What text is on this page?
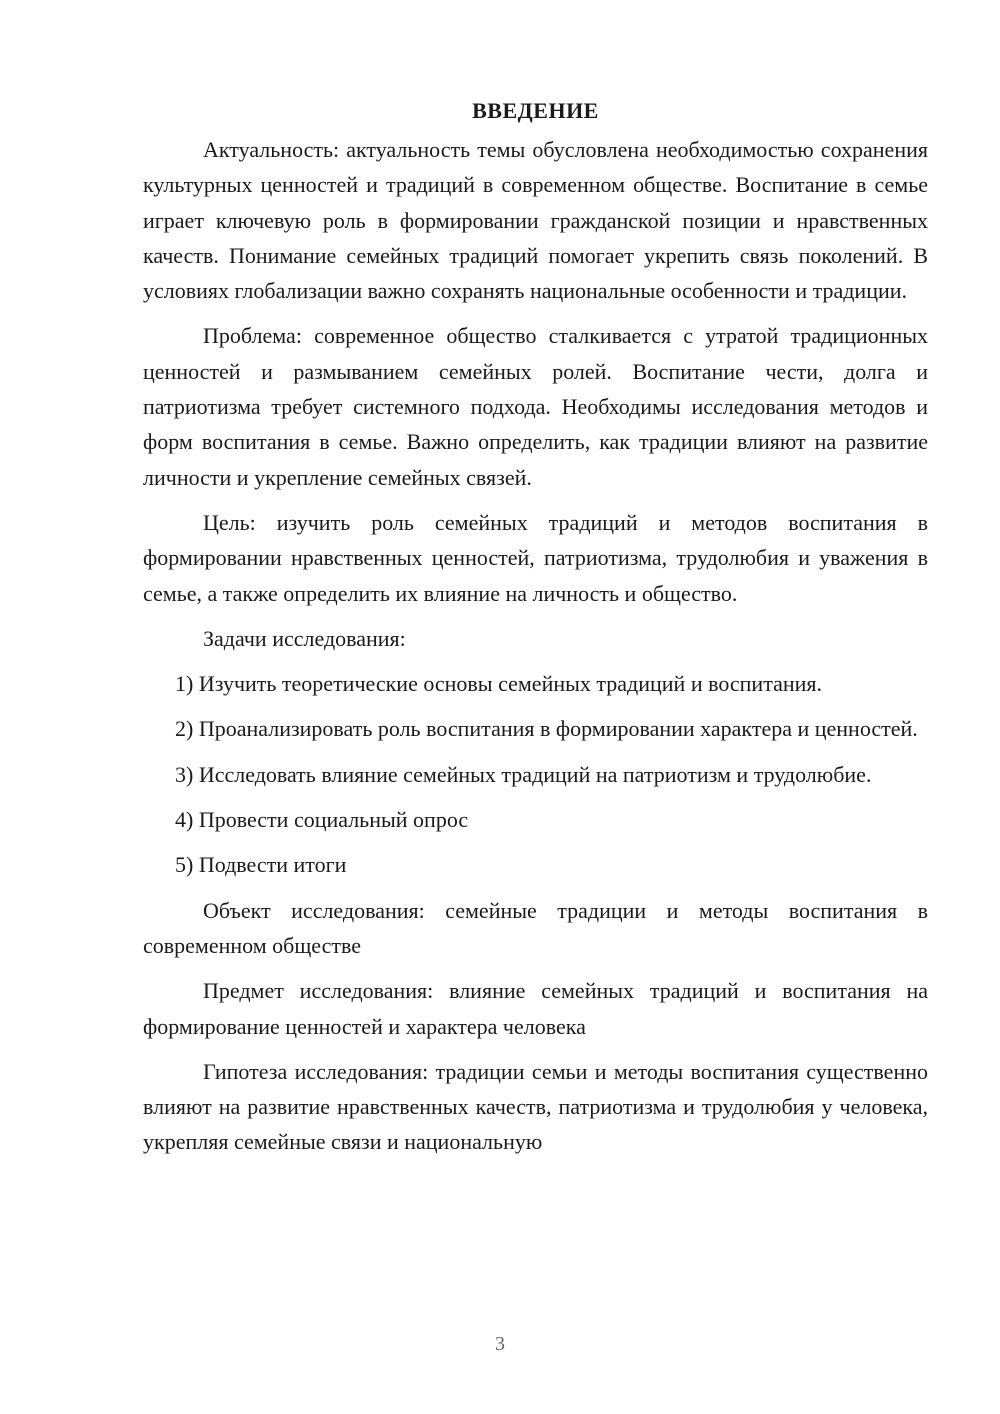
ВВЕДЕНИЕ

Актуальность: актуальность темы обусловлена необходимостью сохранения культурных ценностей и традиций в современном обществе. Воспитание в семье играет ключевую роль в формировании гражданской позиции и нравственных качеств. Понимание семейных традиций помогает укрепить связь поколений. В условиях глобализации важно сохранять национальные особенности и традиции.

Проблема: современное общество сталкивается с утратой традиционных ценностей и размыванием семейных ролей. Воспитание чести, долга и патриотизма требует системного подхода. Необходимы исследования методов и форм воспитания в семье. Важно определить, как традиции влияют на развитие личности и укрепление семейных связей.

Цель: изучить роль семейных традиций и методов воспитания в формировании нравственных ценностей, патриотизма, трудолюбия и уважения в семье, а также определить их влияние на личность и общество.

Задачи исследования:

1) Изучить теоретические основы семейных традиций и воспитания.

2) Проанализировать роль воспитания в формировании характера и ценностей.

3) Исследовать влияние семейных традиций на патриотизм и трудолюбие.

4) Провести социальный опрос

5) Подвести итоги

Объект исследования: семейные традиции и методы воспитания в современном обществе

Предмет исследования: влияние семейных традиций и воспитания на формирование ценностей и характера человека

Гипотеза исследования: традиции семьи и методы воспитания существенно влияют на развитие нравственных качеств, патриотизма и трудолюбия у человека, укрепляя семейные связи и национальную

3
